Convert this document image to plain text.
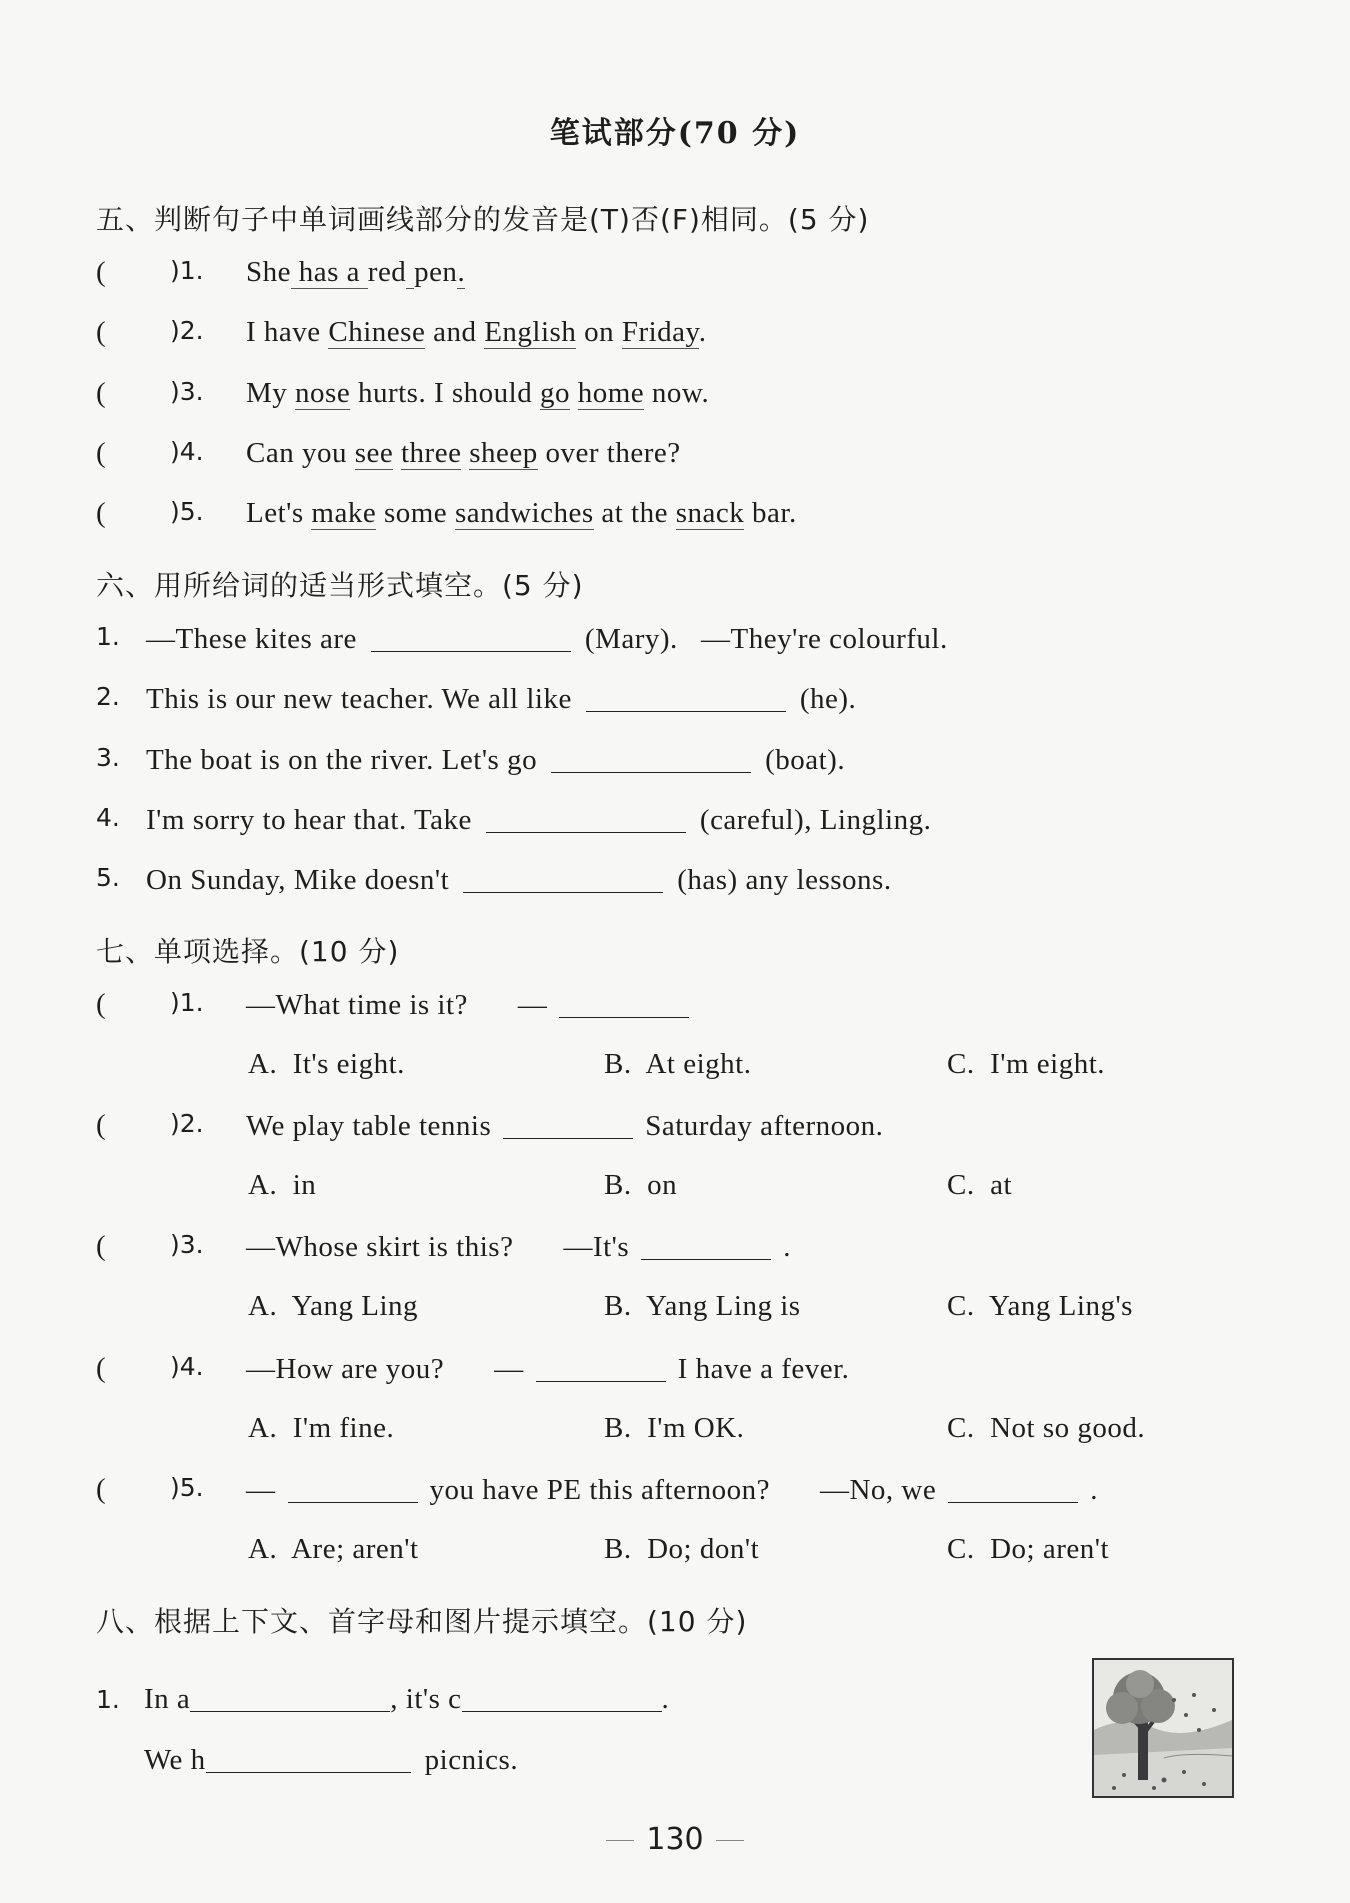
笔试部分(70 分)
五、判断句子中单词画线部分的发音是(T)否(F)相同。(5 分)
(	)1. She has a red pen.
(	)2. I have Chinese and English on Friday.
(	)3. My nose hurts. I should go home now.
(	)4. Can you see three sheep over there?
(	)5. Let's make some sandwiches at the snack bar.
六、用所给词的适当形式填空。(5 分)
1. —These kites are	(Mary).   —They're colourful.
2. This is our new teacher. We all like	(he).
3. The boat is on the river. Let's go	(boat).
4. I'm sorry to hear that. Take	(careful), Lingling.
5. On Sunday, Mike doesn't	(has) any lessons.
七、单项选择。(10 分)
(	)1. —What time is it? —
A.  It's eight.	B.  At eight.	C.  I'm eight.
(	)2. We play table tennis	Saturday afternoon.
A.  in	B.  on	C.  at
(	)3. —Whose skirt is this? —It's	.
A.  Yang Ling	B.  Yang Ling is	C.  Yang Ling's
(	)4. —How are you? —	I have a fever.
A.  I'm fine.	B.  I'm OK.	C.  Not so good.
(	)5. —	you have PE this afternoon? —No, we	.
A.  Are; aren't	B.  Do; don't	C.  Do; aren't
八、根据上下文、首字母和图片提示填空。(10 分)
1. In a	, it's c	.
We h	picnics.
130
